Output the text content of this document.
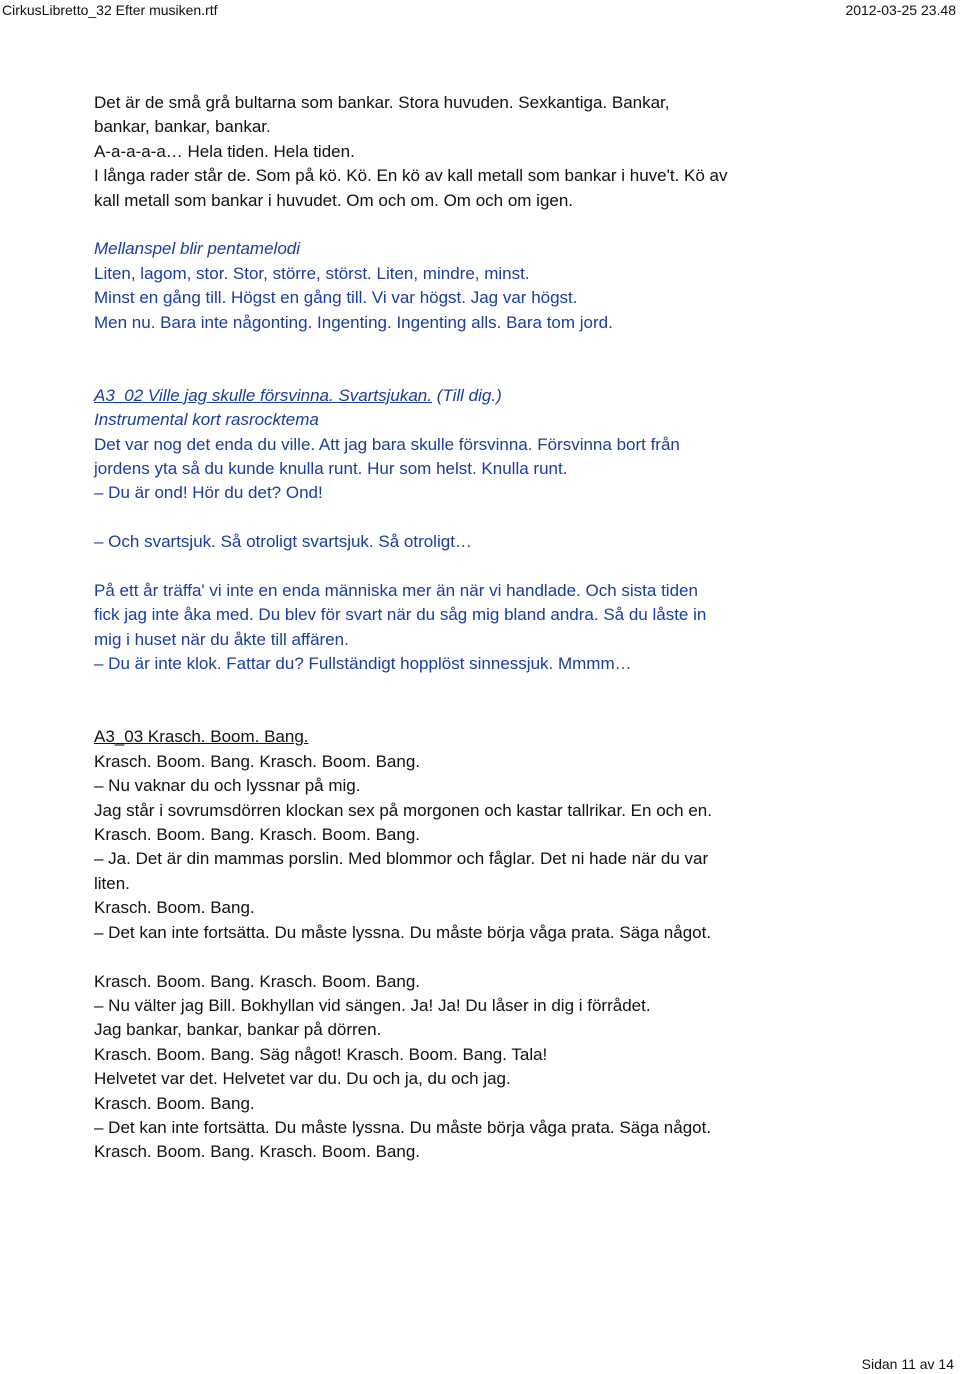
CirkusLibretto_32 Efter musiken.rtf	2012-03-25 23.48
Det är de små grå bultarna som bankar. Stora huvuden. Sexkantiga. Bankar,
bankar, bankar, bankar.
A-a-a-a-a… Hela tiden. Hela tiden.
I långa rader står de. Som på kö. Kö. En kö av kall metall som bankar i huve't. Kö av
kall metall som bankar i huvudet. Om och om. Om och om igen.
Mellanspel blir pentamelodi
Liten, lagom, stor. Stor, större, störst. Liten, mindre, minst.
Minst en gång till. Högst en gång till. Vi var högst. Jag var högst.
Men nu. Bara inte någonting. Ingenting. Ingenting alls. Bara tom jord.
A3_02 Ville jag skulle försvinna. Svartsjukan. (Till dig.)
Instrumental kort rasrocktema
Det var nog det enda du ville. Att jag bara skulle försvinna. Försvinna bort från
jordens yta så du kunde knulla runt. Hur som helst. Knulla runt.
– Du är ond! Hör du det? Ond!
– Och svartsjuk. Så otroligt svartsjuk. Så otroligt…
På ett år träffa' vi inte en enda människa mer än när vi handlade. Och sista tiden
fick jag inte åka med. Du blev för svart när du såg mig bland andra. Så du låste in
mig i huset när du åkte till affären.
– Du är inte klok. Fattar du? Fullständigt hopplöst sinnessjuk. Mmmm…
A3_03 Krasch. Boom. Bang.
Krasch. Boom. Bang. Krasch. Boom. Bang.
– Nu vaknar du och lyssnar på mig.
Jag står i sovrumsdörren klockan sex på morgonen och kastar tallrikar. En och en.
Krasch. Boom. Bang. Krasch. Boom. Bang.
– Ja. Det är din mammas porslin. Med blommor och fåglar. Det ni hade när du var
liten.
Krasch. Boom. Bang.
– Det kan inte fortsätta. Du måste lyssna. Du måste börja våga prata. Säga något.
Krasch. Boom. Bang. Krasch. Boom. Bang.
– Nu välter jag Bill. Bokhyllan vid sängen. Ja! Ja! Du låser in dig i förrådet.
Jag bankar, bankar, bankar på dörren.
Krasch. Boom. Bang. Säg något! Krasch. Boom. Bang. Tala!
Helvetet var det. Helvetet var du. Du och ja, du och jag.
Krasch. Boom. Bang.
– Det kan inte fortsätta. Du måste lyssna. Du måste börja våga prata. Säga något.
Krasch. Boom. Bang. Krasch. Boom. Bang.
Sidan 11 av 14
